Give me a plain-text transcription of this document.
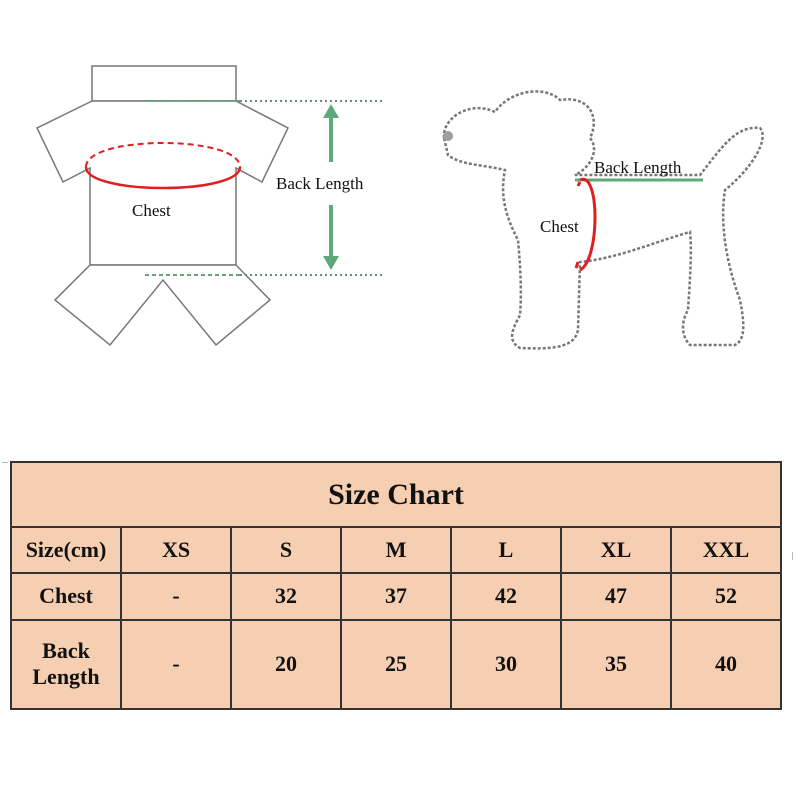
Chest
Back Length
Back Length
Chest
Size Chart						
Size(cm)	XS	S	M	L	XL	XXL
Chest	-	32	37	42	47	52
Back Length	-	20	25	30	35	40
